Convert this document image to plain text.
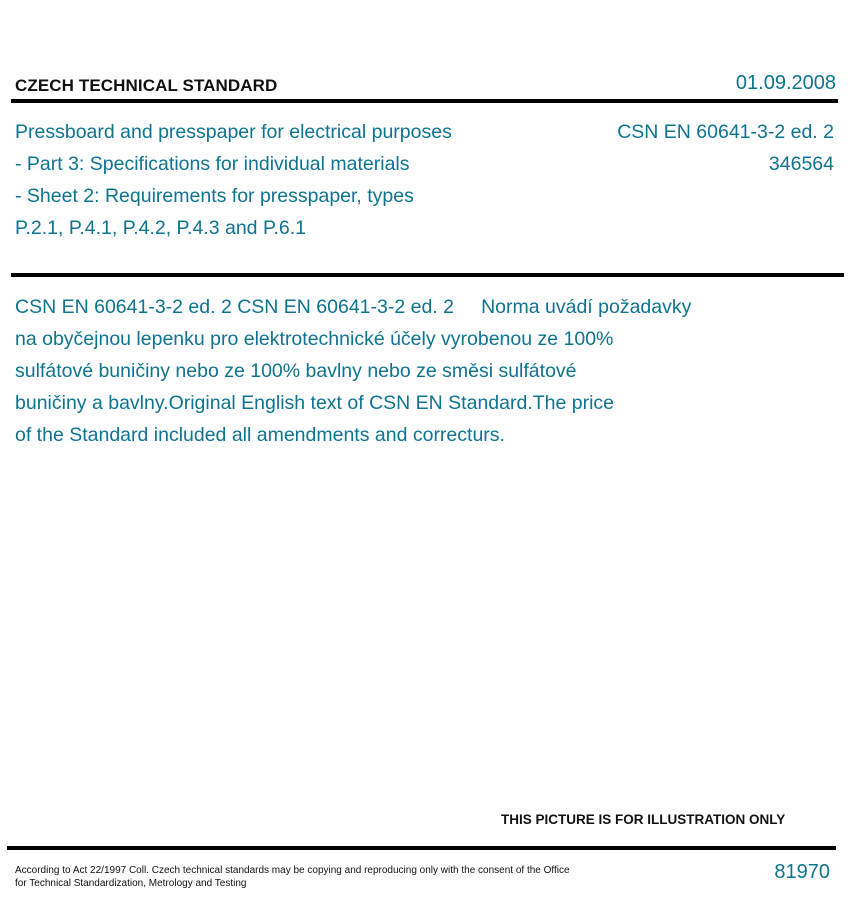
CZECH TECHNICAL STANDARD	01.09.2008
Pressboard and presspaper for electrical purposes
- Part 3: Specifications for individual materials
- Sheet 2: Requirements for presspaper, types
P.2.1, P.4.1, P.4.2, P.4.3 and P.6.1
CSN EN 60641-3-2 ed. 2
346564
CSN EN 60641-3-2 ed. 2 CSN EN 60641-3-2 ed. 2     Norma uvádí požadavky
na obyčejnou lepenku pro elektrotechnické účely vyrobenou ze 100%
sulfátové buničiny nebo ze 100% bavlny nebo ze směsi sulfátové
buničiny a bavlny.Original English text of CSN EN Standard.The price
of the Standard included all amendments and correcturs.
THIS PICTURE IS FOR ILLUSTRATION ONLY
According to Act 22/1997 Coll. Czech technical standards may be copying and reproducing only with the consent of the Office
for Technical Standardization, Metrology and Testing
81970
